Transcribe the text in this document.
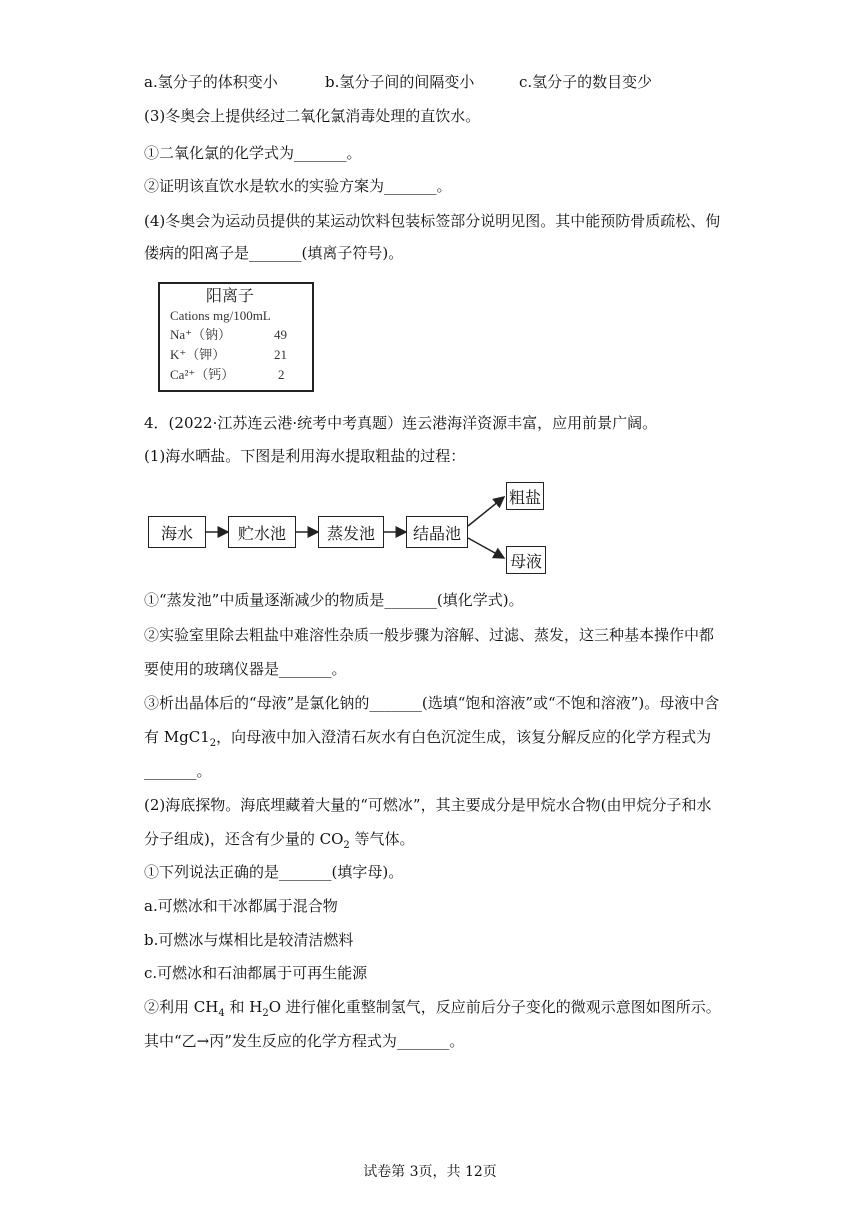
a.氢分子的体积变小	b.氢分子间的间隔变小	c.氢分子的数目变少
(3)冬奥会上提供经过二氧化氯消毒处理的直饮水。
①二氧化氯的化学式为_______。
②证明该直饮水是软水的实验方案为_______。
(4)冬奥会为运动员提供的某运动饮料包装标签部分说明见图。其中能预防骨质疏松、佝
偻病的阳离子是_______(填离子符号)。
阳离子
Cations mg/100mL
Na⁺（钠）	49
K⁺（钾）	21
Ca²⁺（钙）	2
4．(2022·江苏连云港·统考中考真题）连云港海洋资源丰富，应用前景广阔。
(1)海水晒盐。下图是利用海水提取粗盐的过程：
海水	贮水池	蒸发池	结晶池
粗盐
母液
①“蒸发池”中质量逐渐减少的物质是_______(填化学式)。
②实验室里除去粗盐中难溶性杂质一般步骤为溶解、过滤、蒸发，这三种基本操作中都
要使用的玻璃仪器是_______。
③析出晶体后的“母液”是氯化钠的_______(选填“饱和溶液”或“不饱和溶液”)。母液中含
有 $MgC1_2$，向母液中加入澄清石灰水有白色沉淀生成，该复分解反应的化学方程式为
_______。
(2)海底探物。海底埋藏着大量的“可燃冰”，其主要成分是甲烷水合物(由甲烷分子和水
分子组成)，还含有少量的 $CO_2$ 等气体。
①下列说法正确的是_______(填字母)。
a.可燃冰和干冰都属于混合物
b.可燃冰与煤相比是较清洁燃料
c.可燃冰和石油都属于可再生能源
②利用 $CH_4$ 和 $H_2O$ 进行催化重整制氢气，反应前后分子变化的微观示意图如图所示。
其中“乙→丙”发生反应的化学方程式为_______。
试卷第 3页，共 12页
